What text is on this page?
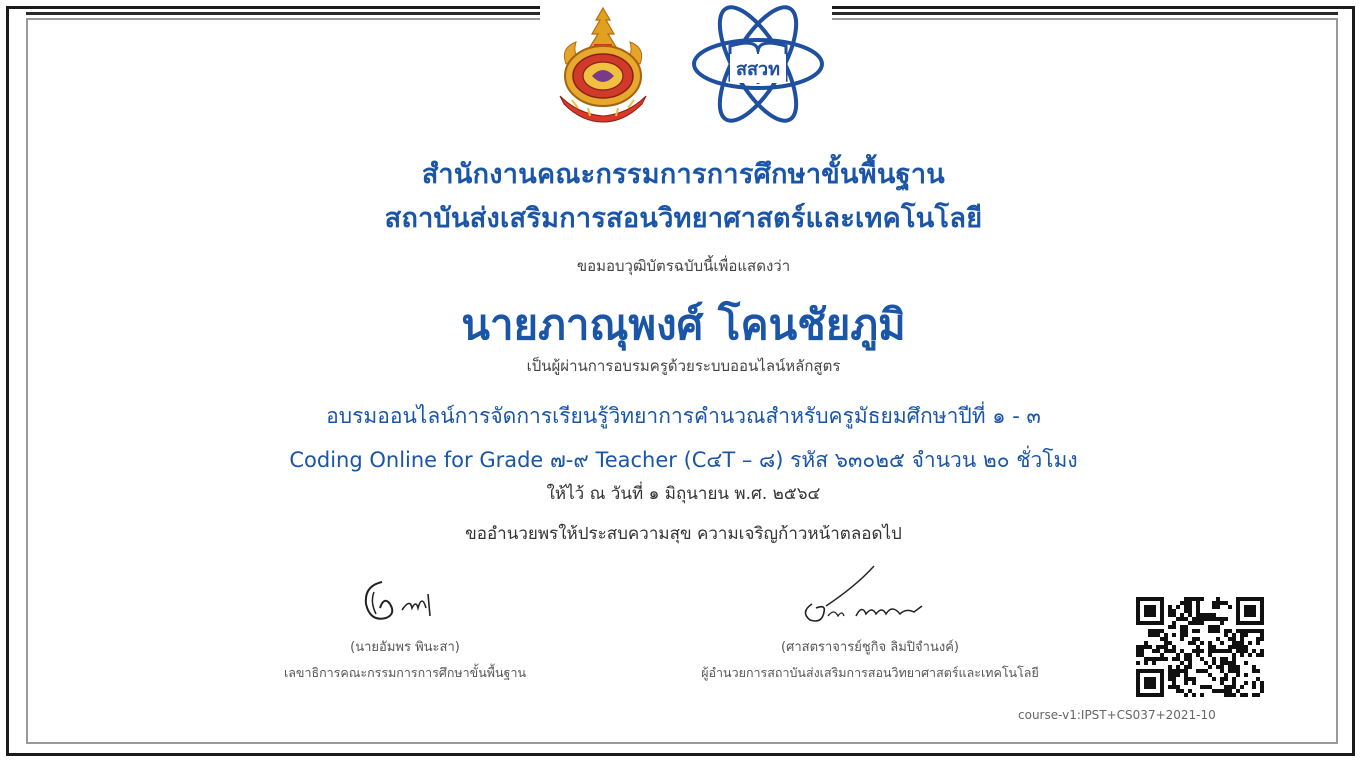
สสวท
สำนักงานคณะกรรมการการศึกษาขั้นพื้นฐาน
สถาบันส่งเสริมการสอนวิทยาศาสตร์และเทคโนโลยี
ขอมอบวุฒิบัตรฉบับนี้เพื่อแสดงว่า
นายภาณุพงศ์ โคนชัยภูมิ
เป็นผู้ผ่านการอบรมครูด้วยระบบออนไลน์หลักสูตร
อบรมออนไลน์การจัดการเรียนรู้วิทยาการคำนวณสำหรับครูมัธยมศึกษาปีที่ ๑ - ๓
Coding Online for Grade ๗-๙ Teacher (C๔T – ๘) รหัส ๖๓๐๒๕ จำนวน ๒๐ ชั่วโมง
ให้ไว้ ณ วันที่ ๑ มิถุนายน พ.ศ. ๒๕๖๔
ขออำนวยพรให้ประสบความสุข ความเจริญก้าวหน้าตลอดไป
(นายอัมพร พินะสา)
เลขาธิการคณะกรรมการการศึกษาขั้นพื้นฐาน
(ศาสตราจารย์ชูกิจ ลิมปิจำนงค์)
ผู้อำนวยการสถาบันส่งเสริมการสอนวิทยาศาสตร์และเทคโนโลยี
course-v1:IPST+CS037+2021-10
